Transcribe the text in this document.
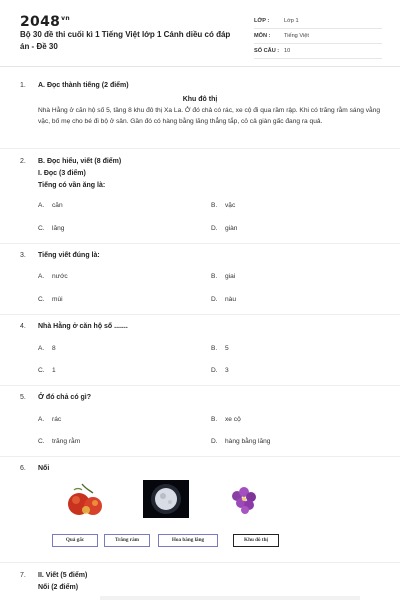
$2048^{vn}$
Bộ 30 đề thi cuối kì 1 Tiếng Việt lớp 1 Cánh diều có đáp án - Đề 30
LỚP :	Lớp 1
MÔN :	Tiếng Việt
SỐ CÂU : 10
1. A. Đọc thành tiếng (2 điểm)
Khu đô thị
Nhà Hằng ở căn hộ số 5, tầng 8 khu đô thị Xa La. Ở đó chả có rác, xe cộ đi qua rầm rập. Khi có trăng rằm sáng vằng vặc, bố mẹ cho bé đi bộ ở sân. Gần đó có hàng bằng lăng thẳng tắp, cỏ cả giàn gấc đang ra quả.
2. B. Đọc hiểu, viết (8 điểm)
I. Đọc (3 điểm)
Tiếng có vần ăng là:
A. căn	B. vặc
C. lăng	D. giàn
3. Tiếng viết đúng là:
A. nước	B. giai
C. mùi	D. nàu
4. Nhà Hằng ở căn hộ số .......
A. 8	B. 5
C. 1	D. 3
5. Ở đó chả có gì?
A. rác	B. xe cộ
C. trăng rằm	D. hàng bằng lăng
6. Nối
Quả gấc	Trăng rằm	Hoa bằng lăng	Khu đô thị
7. II. Viết (5 điểm)
Nối (2 điểm)
